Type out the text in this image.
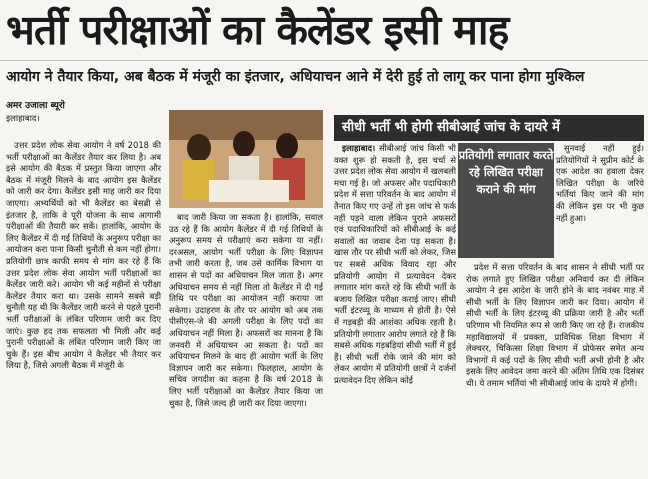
भर्ती परीक्षाओं का कैलेंडर इसी माह
आयोग ने तैयार किया, अब बैठक में मंजूरी का इंतजार, अधियाचन आने में देरी हुई तो लागू कर पाना होगा मुश्किल
अमर उजाला ब्यूरो
इलाहाबाद।

उत्तर प्रदेश लोक सेवा आयोग ने वर्ष 2018 की भर्ती परीक्षाओं का कैलेंडर तैयार कर लिया है। अब इसे आयोग की बैठक में प्रस्तुत किया जाएगा और बैठक में मंजूरी मिलने के बाद आयोग इस कैलेंडर को जारी कर देगा। कैलेंडर इसी माह जारी कर दिया जाएगा। अभ्यर्थियों को भी कैलेंडर का बेसब्री से इंतजार है, ताकि वे पूरी योजना के साथ आगामी परीक्षाओं की तैयारी कर सकें। हालांकि, आयोग के लिए कैलेंडर में दी गई तिथियों के अनुरूप परीक्षा का आयोजन करा पाना किसी चुनौती से कम नहीं होगा। प्रतियोगी छात्र काफी समय से मांग कर रहे हैं कि उत्तर प्रदेश लोक सेवा आयोग भर्ती परीक्षाओं का कैलेंडर जारी करे। आयोग भी कई महीनों से परीक्षा कैलेंडर तैयार करा था। उसके सामने सबसे बड़ी चुनौती यह थी कि कैलेंडर जारी करने से पहले पुरानी भर्ती परीक्षाओं के लंबित परिणाम जारी कर दिए जाएं। कुछ हद तक सफलता भी मिली और कई पुरानी परीक्षाओं के लंबित परिणाम जारी किए जा चुके हैं। इस बीच आयोग ने कैलेंडर भी तैयार कर लिया है, जिसे अगली बैठक में मंजूरी के

बाद जारी किया जा सकता है। हालांकि, सवाल उठ रहे हैं कि आयोग कैलेंडर में दी गई तिथियों के अनुरूप समय से परीक्षाएं करा सकेगा या नहीं। दरअसल, आयोग भर्ती परीक्षा के लिए विज्ञापन तभी जारी करता है, जब उसे कार्मिक विभाग या शासन से पदों का अधियाचन मिल जाता है। अगर अधियाचन समय से नहीं मिला तो कैलेंडर में दी गई तिथि पर परीक्षा का आयोजन नहीं कराया जा सकेगा। उदाहरण के तौर पर आयोग को अब तक पीसीएस-जे की अगली परीक्षा के लिए पदों का अधियाचन नहीं मिला है। अफसरों का मानना है कि जनवरी में अधियाचन आ सकता है। पदों का अधियाचन मिलने के बाद ही आयोग भर्ती के लिए विज्ञापन जारी कर सकेगा। फिलहाल, आयोग के सचिव जगदीश का कहना है कि वर्ष 2018 के लिए भर्ती परीक्षाओं का कैलेंडर तैयार किया जा चुका है, जिसे जल्द ही जारी कर दिया जाएगा।

सीधी भर्ती भी होगी सीबीआई जांच के दायरे में

इलाहाबाद। सीबीआई जांच किसी भी वक्त शुरू हो सकती है, इस चर्चा से उत्तर प्रदेश लोक सेवा आयोग में खलबली मचा गई है। जो अफसर और पदाधिकारी प्रदेश में सत्ता परिवर्तन के बाद आयोग में तैनात किए गए उन्हें तो इस जांच से फर्क नहीं पड़ने वाला लेकिन पुराने अफसरों एवं पदाधिकारियों को सीबीआई के कई सवालों का जवाब देना पड़ सकता है। खास तौर पर सीधी भर्ती को लेकर, जिस पर सबसे अधिक विवाद रहा और प्रतियोगी आयोग में प्रत्यावेदन देकर लगातार मांग करते रहे कि सीधी भर्ती के बजाय लिखित परीक्षा कराई जाए। सीधी भर्ती इंटरव्यू के माध्यम से होती है। ऐसे में गड़बड़ी की आशंका अधिक रहती है। प्रतियोगी लगातार आरोप लगाते रहे हैं कि सबसे अधिक गड़बड़ियां सीधी भर्ती में हुई हैं। सीधी भर्ती रोके जाने की मांग को लेकर आयोग में प्रतियोगी छात्रों ने दर्जनों प्रत्यावेदन दिए लेकिन कोई

प्रतियोगी लगातार करते रहे लिखित परीक्षा कराने की मांग

सुनवाई नहीं हुई। प्रतियोगियों ने सुप्रीम कोर्ट के एक आदेश का हवाला देकर लिखित परीक्षा के जरिये भर्तियां किए जाने की मांग की लेकिन इस पर भी कुछ नहीं हुआ।

प्रदेश में सत्ता परिवर्तन के बाद शासन ने सीधी भर्ती पर रोक लगाते हुए लिखित परीक्षा अनिवार्य कर दी लेकिन आयोग ने इस आदेश के जारी होने के बाद नवंबर माह में सीधी भर्ती के लिए विज्ञापन जारी कर दिया। आयोग में सीधी भर्ती के लिए इंटरव्यू की प्रक्रिया जारी है और भर्ती परिणाम भी नियमित रूप से जारी किए जा रहे हैं। राजकीय महाविद्यालयों में प्रवक्ता, प्राविधिक शिक्षा विभाग में लेक्चरर, चिकित्सा शिक्षा विभाग में प्रोफेसर समेत अन्य विभागों में कई पदों के लिए सीधी भर्ती अभी होनी है और इसके लिए आवेदन जमा करने की अंतिम तिथि एक दिसंबर थी। ये तमाम भर्तियां भी सीबीआई जांच के दायरे में होंगी।
